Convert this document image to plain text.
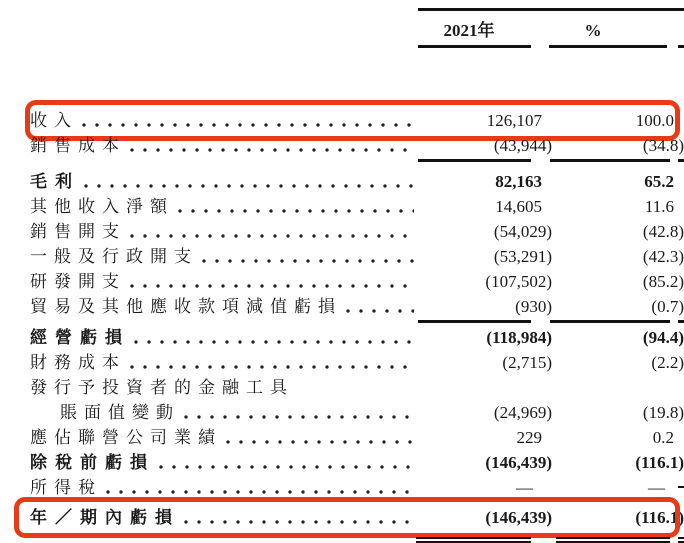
2021年	%
收入	126,107	100.0
銷售成本	(43,944)	(34.8)
毛利	82,163	65.2
其他收入淨額	14,605	11.6
銷售開支	(54,029)	(42.8)
一般及行政開支	(53,291)	(42.3)
研發開支	(107,502)	(85.2)
貿易及其他應收款項減值虧損	(930)	(0.7)
經營虧損	(118,984)	(94.4)
財務成本	(2,715)	(2.2)
發行予投資者的金融工具
賬面值變動	(24,969)	(19.8)
應佔聯營公司業績	229	0.2
除稅前虧損	(146,439)	(116.1)
所得稅	—	—
年／期內虧損	(146,439)	(116.1)
